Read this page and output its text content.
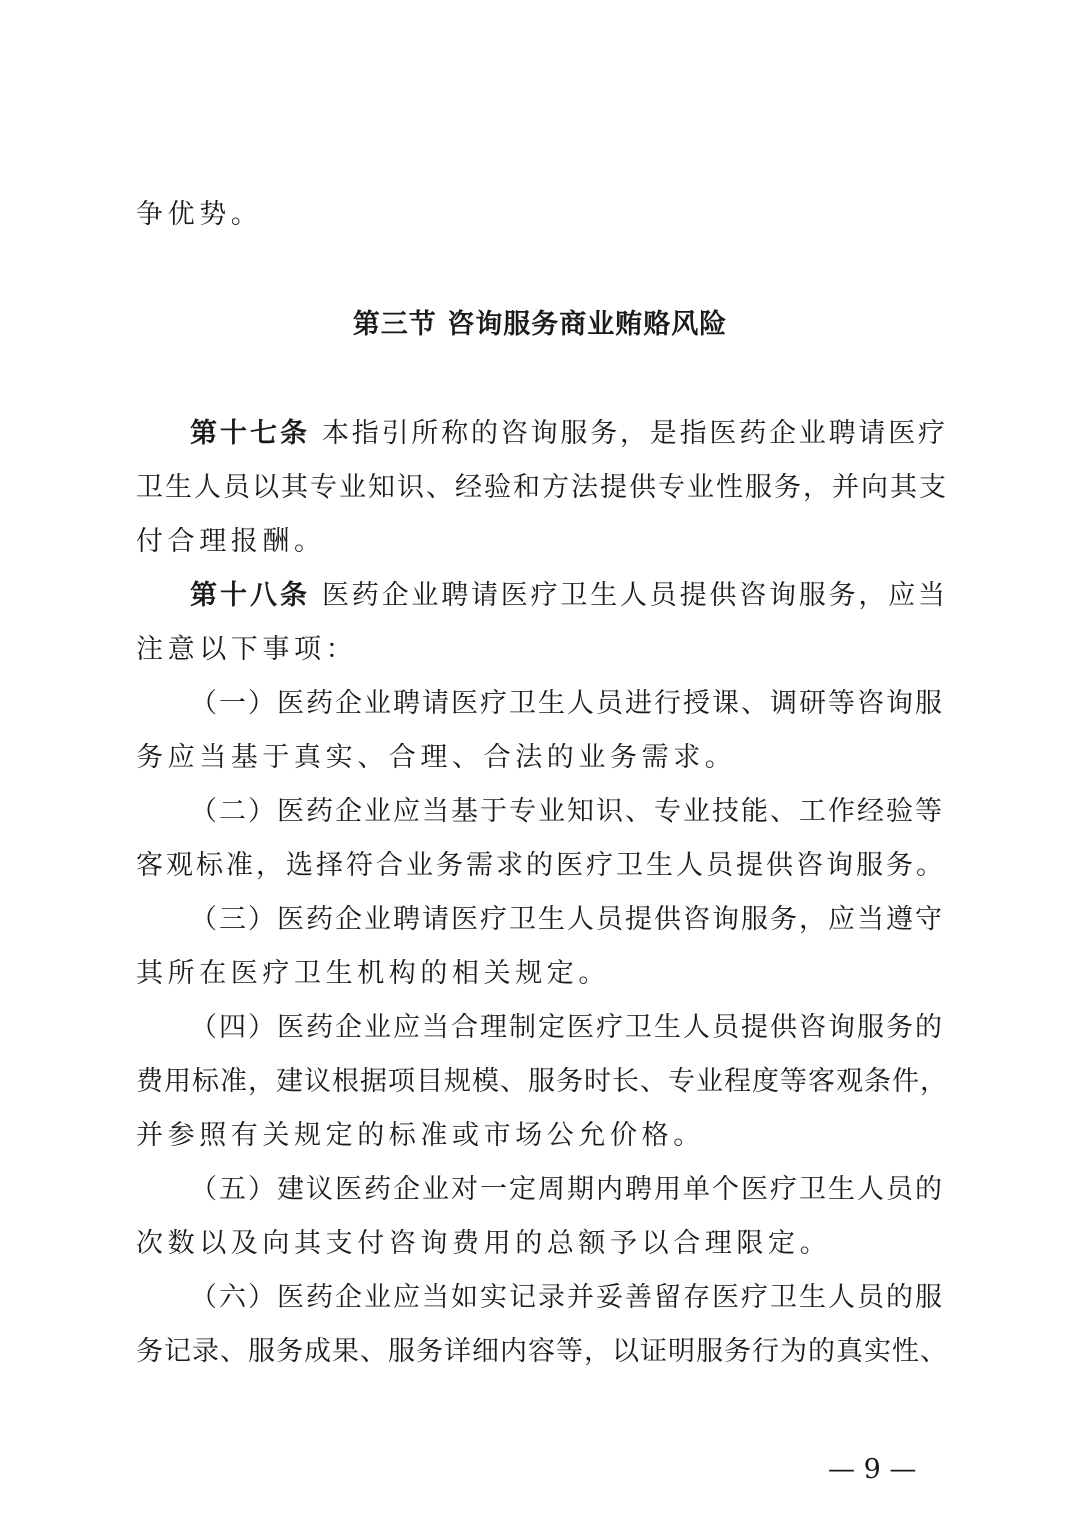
争优势。
第三节 咨询服务商业贿赂风险
第十七条 本指引所称的咨询服务，是指医药企业聘请医疗
卫生人员以其专业知识、经验和方法提供专业性服务，并向其支
付合理报酬。
第十八条 医药企业聘请医疗卫生人员提供咨询服务，应当
注意以下事项：
（一）医药企业聘请医疗卫生人员进行授课、调研等咨询服
务应当基于真实、合理、合法的业务需求。
（二）医药企业应当基于专业知识、专业技能、工作经验等
客观标准，选择符合业务需求的医疗卫生人员提供咨询服务。
（三）医药企业聘请医疗卫生人员提供咨询服务，应当遵守
其所在医疗卫生机构的相关规定。
（四）医药企业应当合理制定医疗卫生人员提供咨询服务的
费用标准，建议根据项目规模、服务时长、专业程度等客观条件，
并参照有关规定的标准或市场公允价格。
（五）建议医药企业对一定周期内聘用单个医疗卫生人员的
次数以及向其支付咨询费用的总额予以合理限定。
（六）医药企业应当如实记录并妥善留存医疗卫生人员的服
务记录、服务成果、服务详细内容等，以证明服务行为的真实性、
— 9 —
